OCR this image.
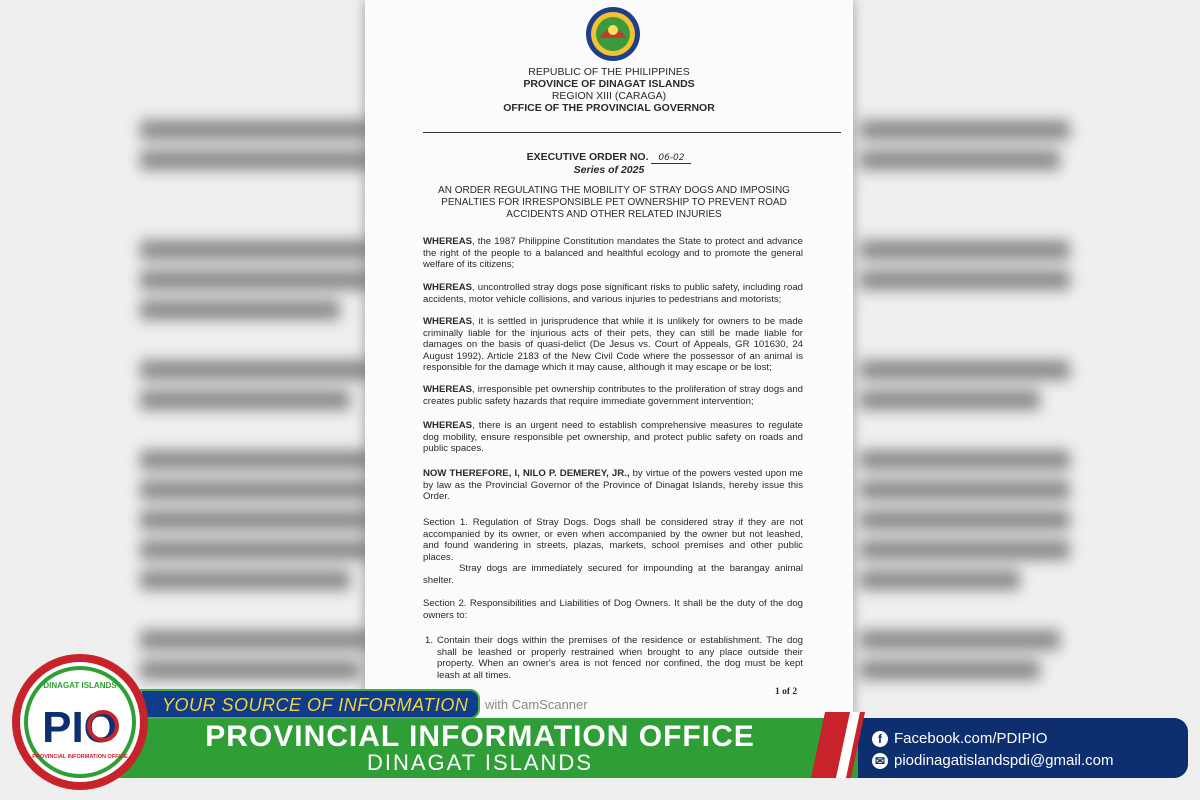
REPUBLIC OF THE PHILIPPINES
PROVINCE OF DINAGAT ISLANDS
REGION XIII (CARAGA)
OFFICE OF THE PROVINCIAL GOVERNOR
EXECUTIVE ORDER NO. 06-02
Series of 2025
AN ORDER REGULATING THE MOBILITY OF STRAY DOGS AND IMPOSING PENALTIES FOR IRRESPONSIBLE PET OWNERSHIP TO PREVENT ROAD ACCIDENTS AND OTHER RELATED INJURIES
WHEREAS, the 1987 Philippine Constitution mandates the State to protect and advance the right of the people to a balanced and healthful ecology and to promote the general welfare of its citizens;
WHEREAS, uncontrolled stray dogs pose significant risks to public safety, including road accidents, motor vehicle collisions, and various injuries to pedestrians and motorists;
WHEREAS, it is settled in jurisprudence that while it is unlikely for owners to be made criminally liable for the injurious acts of their pets, they can still be made liable for damages on the basis of quasi-delict (De Jesus vs. Court of Appeals, GR 101630, 24 August 1992). Article 2183 of the New Civil Code where the possessor of an animal is responsible for the damage which it may cause, although it may escape or be lost;
WHEREAS, irresponsible pet ownership contributes to the proliferation of stray dogs and creates public safety hazards that require immediate government intervention;
WHEREAS, there is an urgent need to establish comprehensive measures to regulate dog mobility, ensure responsible pet ownership, and protect public safety on roads and public spaces.
NOW THEREFORE, I, NILO P. DEMEREY, JR., by virtue of the powers vested upon me by law as the Provincial Governor of the Province of Dinagat Islands, hereby issue this Order.
Section 1. Regulation of Stray Dogs. Dogs shall be considered stray if they are not accompanied by its owner, or even when accompanied by the owner but not leashed, and found wandering in streets, plazas, markets, school premises and other public places.
Stray dogs are immediately secured for impounding at the barangay animal shelter.
Section 2. Responsibilities and Liabilities of Dog Owners. It shall be the duty of the dog owners to:
1. Contain their dogs within the premises of the residence or establishment. The dog shall be leashed or properly restrained when brought to any place outside their property. When an owner's area is not fenced nor confined, the dog must be kept leash at all times.
1 of 2
with CamScanner
YOUR SOURCE OF INFORMATION
PROVINCIAL INFORMATION OFFICE
DINAGAT ISLANDS
f Facebook.com/PDIPIO
✉ piodinagatislandspdi@gmail.com
DINAGAT ISLANDS
PIO
PROVINCIAL INFORMATION OFFICE
